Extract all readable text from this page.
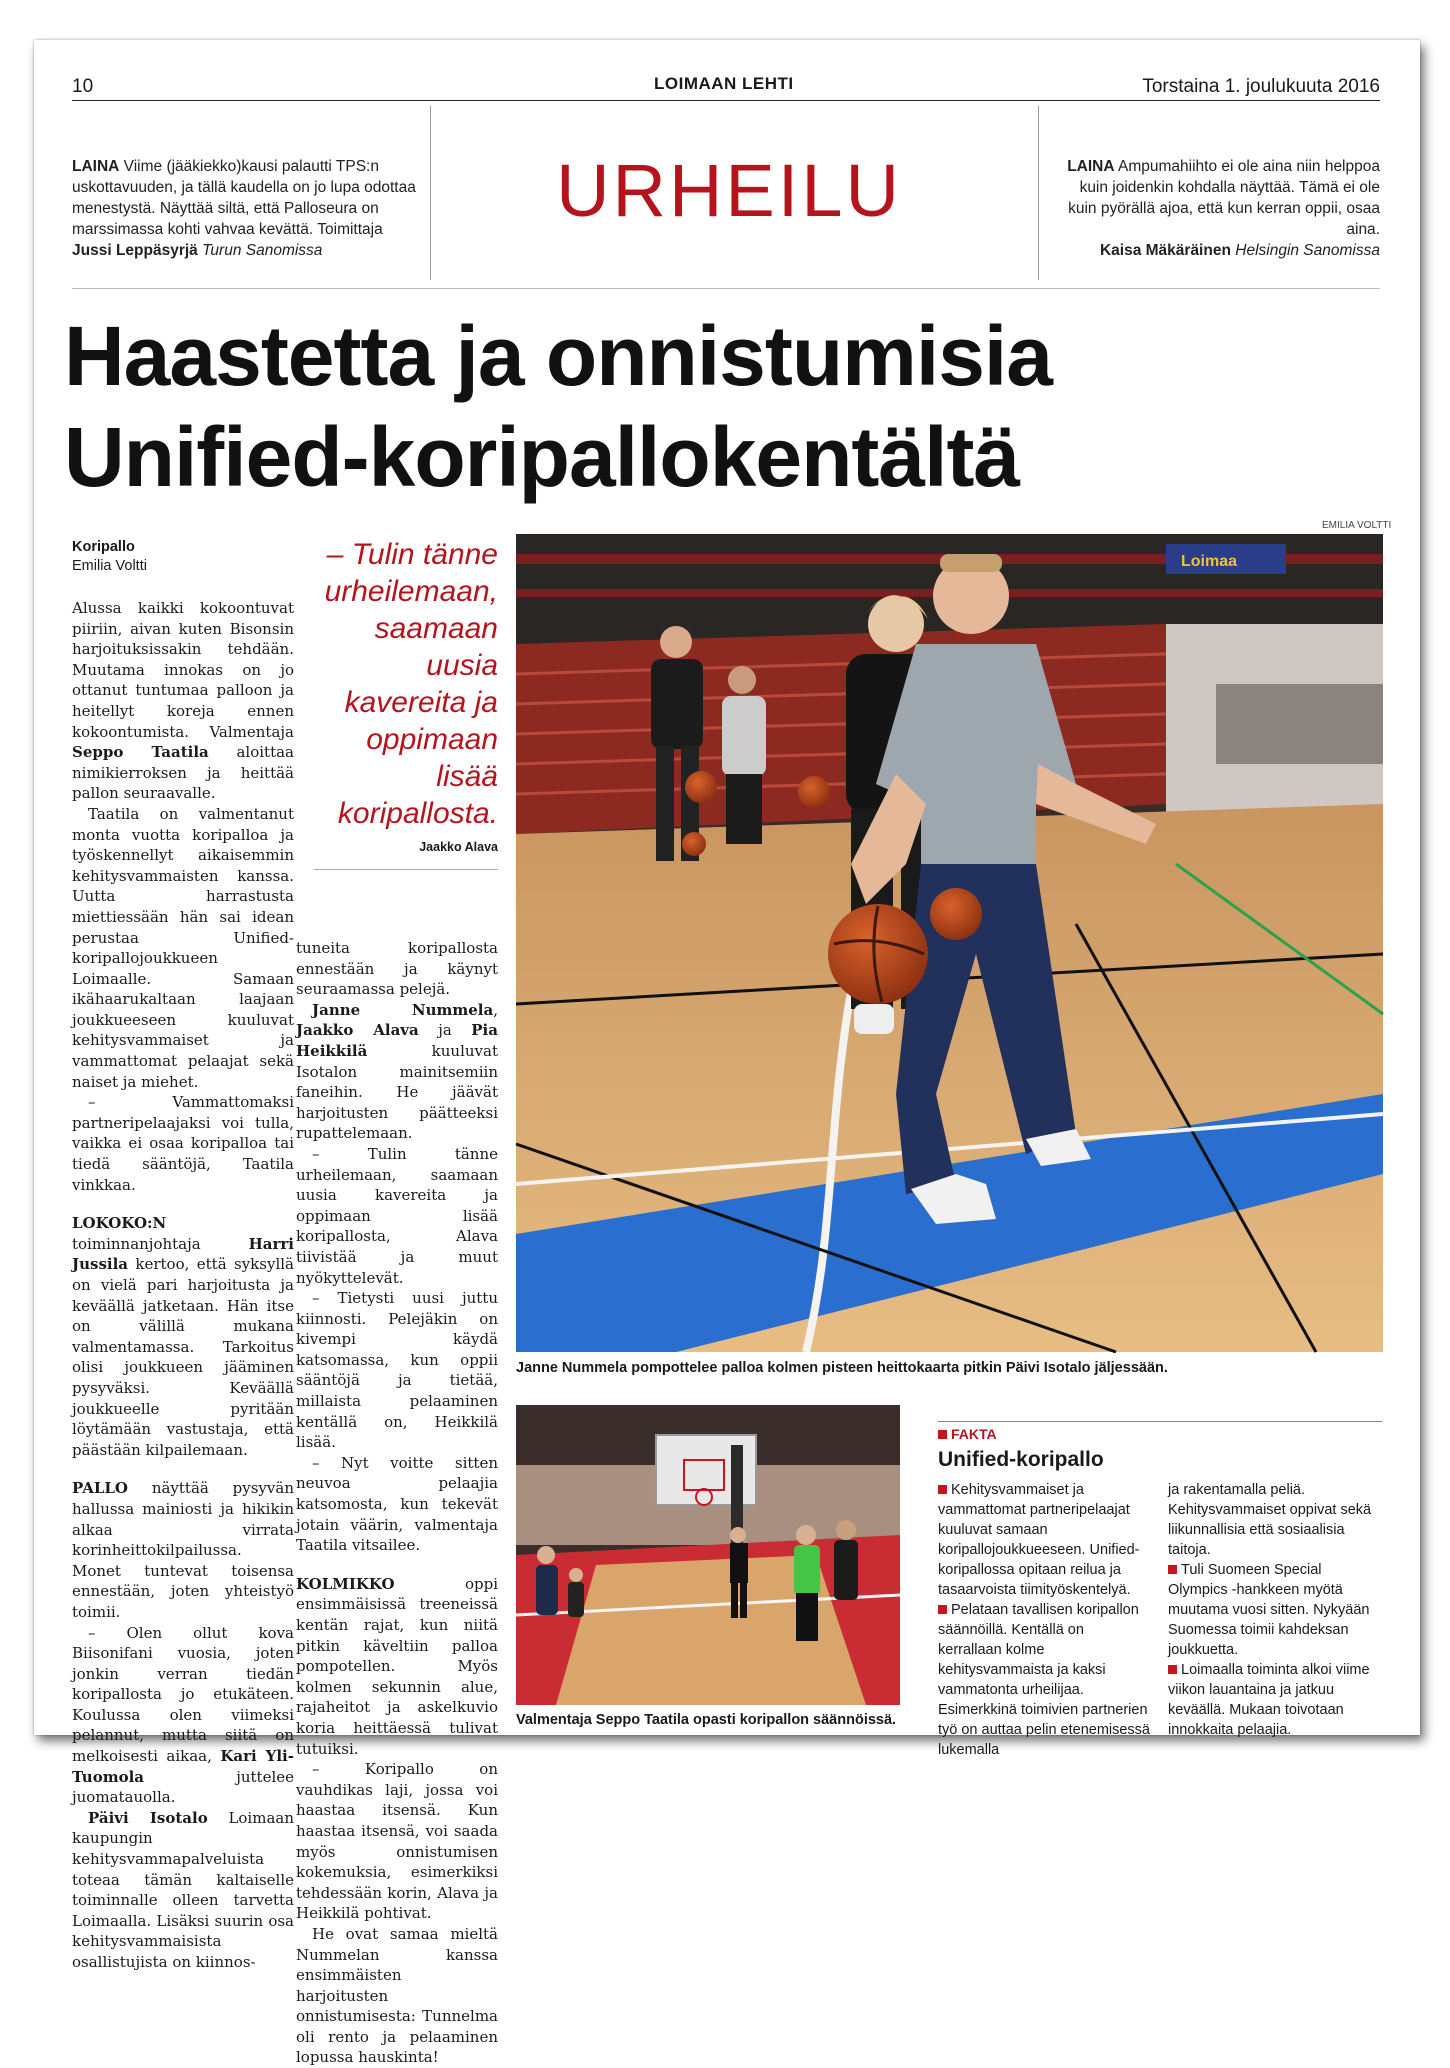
10	LOIMAAN LEHTI	Torstaina 1. joulukuuta 2016
LAINA Viime (jääkiekko)kausi palautti TPS:n uskottavuuden, ja tällä kaudella on jo lupa odottaa menestystä. Näyttää siltä, että Palloseura on marssimassa kohti vahvaa kevättä. Toimittaja Jussi Leppäsyrjä Turun Sanomissa
URHEILU	LAINA Ampumahiihto ei ole aina niin helppoa kuin joidenkin kohdalla näyttää. Tämä ei ole kuin pyörällä ajoa, että kun kerran oppii, osaa aina.
Kaisa Mäkäräinen Helsingin Sanomissa
Haastetta ja onnistumisia
Unified-koripallokentältä
Koripallo
Emilia Voltti

Alussa kaikki kokoontuvat piiriin, aivan kuten Bisonsin harjoituksissakin tehdään. Muutama innokas on jo ottanut tuntumaa palloon ja heitellyt koreja ennen kokoontumista. Valmentaja Seppo Taatila aloittaa nimikierroksen ja heittää pallon seuraavalle.

Taatila on valmentanut monta vuotta koripalloa ja työskennellyt aikaisemmin kehitysvammaisten kanssa. Uutta harrastusta miettiessään hän sai idean perustaa Unified-koripallojoukkueen Loimaalle. Samaan ikähaarukaltaan laajaan joukkueeseen kuuluvat kehitysvammaiset ja vammattomat pelaajat sekä naiset ja miehet.

– Vammattomaksi partneripelaajaksi voi tulla, vaikka ei osaa koripalloa tai tiedä sääntöjä, Taatila vinkkaa.

LOKOKO:N toiminnanjohtaja	Harri Jussila kertoo, että syksyllä on vielä pari harjoitusta ja keväällä jatketaan. Hän itse on välillä mukana valmentamassa. Tarkoitus olisi joukkueen jääminen pysyväksi. Keväällä joukkueelle pyritään löytämään vastustaja, että päästään kilpailemaan.

PALLO näyttää pysyvän hallussa mainiosti ja hikikin alkaa virrata korinheittokilpailussa. Monet tuntevat toisensa ennestään, joten yhteistyö toimii.

– Olen ollut kova Biisonifani vuosia, joten jonkin verran tiedän koripallosta jo etukäteen. Koulussa olen viimeksi pelannut, mutta siitä on melkoisesti aikaa, Kari Yli-Tuomola	juttelee juomatauolla.

Päivi Isotalo Loimaan kaupungin kehitysvammapalveluista toteaa tämän kaltaiselle toiminnalle olleen tarvetta Loimaalla. Lisäksi suurin osa kehitysvammaisista osallistujista on kiinnos-

– Tulin tänne urheilemaan, saamaan uusia kavereita ja oppimaan lisää koripallosta.
Jaakko Alava

tuneita koripallosta ennestään ja käynyt seuraamassa pelejä.

Janne Nummela, Jaakko Alava ja Pia Heikkilä	kuuluvat Isotalon mainitsemiin faneihin. He jäävät harjoitusten päätteeksi rupattelemaan.

– Tulin tänne urheilemaan, saamaan uusia kavereita ja oppimaan lisää koripallosta, Alava tiivistää ja muut nyökyttelevät.

– Tietysti uusi juttu kiinnosti. Pelejäkin on kivempi käydä katsomassa, kun oppii sääntöjä ja tietää, millaista pelaaminen kentällä on, Heikkilä lisää.

– Nyt voitte sitten neuvoa pelaajia katsomosta, kun tekevät jotain väärin, valmentaja Taatila vitsailee.

KOLMIKKO	oppi ensimmäisissä treeneissä kentän rajat, kun niitä pitkin käveltiin palloa pompotellen. Myös kolmen sekunnin alue, rajaheitot ja askelkuvio koria heittäessä tulivat tutuiksi.

– Koripallo on vauhdikas laji, jossa voi haastaa itsensä. Kun haastaa itsensä, voi saada myös onnistumisen kokemuksia, esimerkiksi tehdessään korin, Alava ja Heikkilä pohtivat.

He ovat samaa mieltä Nummelan kanssa ensimmäisten harjoitusten onnistumisesta: Tunnelma oli rento ja pelaaminen lopussa hauskinta!

EMILIA VOLTTI
Loimaa
Janne Nummela pompottelee palloa kolmen pisteen heittokaarta pitkin Päivi Isotalo jäljessään.
Valmentaja Seppo Taatila opasti koripallon säännöissä.
FAKTA
Unified-koripallo

Kehitysvammaiset ja vammattomat partneripelaajat kuuluvat samaan koripallojoukkueeseen. Unified-koripallossa opitaan reilua ja tasaarvoista tiimityöskentelyä.

Pelataan tavallisen koripallon säännöillä. Kentällä on kerrallaan kolme kehitysvammaista ja kaksi vammatonta urheilijaa. Esimerkkinä toimivien partnerien työ on auttaa pelin etenemisessä lukemalla

ja rakentamalla peliä. Kehitysvammaiset oppivat sekä liikunnallisia että sosiaalisia taitoja.

Tuli Suomeen Special Olympics -hankkeen myötä muutama vuosi sitten. Nykyään Suomessa toimii kahdeksan joukkuetta.

Loimaalla toiminta alkoi viime viikon lauantaina ja jatkuu keväällä. Mukaan toivotaan innokkaita pelaajia.
